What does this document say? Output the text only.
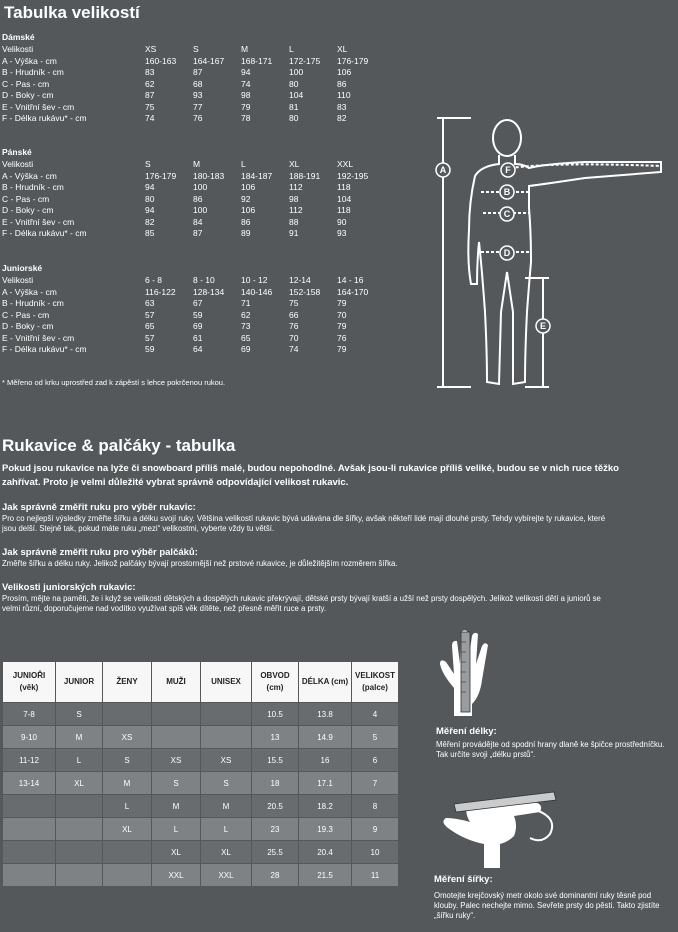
Tabulka velikostí
Dámské
Velikosti	XS	S	M	L	XL
A - Výška - cm	160-163	164-167	168-171	172-175	176-179
B - Hrudník - cm	83	87	94	100	106
C - Pas - cm	62	68	74	80	86
D - Boky - cm	87	93	98	104	110
E - Vnitřní šev - cm	75	77	79	81	83
F - Délka rukávu* - cm	74	76	78	80	82
Pánské
Velikosti	S	M	L	XL	XXL
A - Výška - cm	176-179	180-183	184-187	188-191	192-195
B - Hrudník - cm	94	100	106	112	118
C - Pas - cm	80	86	92	98	104
D - Boky - cm	94	100	106	112	118
E - Vnitřní šev - cm	82	84	86	88	90
F - Délka rukávu* - cm	85	87	89	91	93
Juniorské
Velikosti	6 - 8	8 - 10	10 - 12	12-14	14 - 16
A - Výška - cm	116-122	128-134	140-146	152-158	164-170
B - Hrudník - cm	63	67	71	75	79
C - Pas - cm	57	59	62	66	70
D - Boky - cm	65	69	73	76	79
E - Vnitřní šev - cm	57	61	65	70	76
F - Délka rukávu* - cm	59	64	69	74	79
* Měřeno od krku uprostřed zad k zápěstí s lehce pokrčenou rukou.
A	F
B
C
D
E
Rukavice & palčáky - tabulka
Pokud jsou rukavice na lyže či snowboard příliš malé, budou nepohodlné. Avšak jsou-li rukavice příliš veliké, budou se v nich ruce těžko zahřívat. Proto je velmi důležité vybrat správně odpovídající velikost rukavic.
Jak správně změřit ruku pro výběr rukavic:
Pro co nejlepší výsledky změřte šířku a délku svojí ruky. Většina velikostí rukavic bývá udávána dle šířky, avšak někteří lidé mají dlouhé prsty. Tehdy vybírejte ty rukavice, které jsou delší. Stejně tak, pokud máte ruku „mezi“ velikostmi, vyberte vždy tu větší.
Jak správně změřit ruku pro výběr palčáků:
Změřte šířku a délku ruky. Jelikož palčáky bývají prostornější než prstové rukavice, je důležitějším rozměrem šířka.
Velikosti juniorských rukavic:
Prosím, mějte na paměti, že i když se velikosti dětských a dospělých rukavic překrývají, dětské prsty bývají kratší a užší než prsty dospělých. Jelikož velikosti dětí a juniorů se velmi různí, doporučujeme nad vodítko využívat spíš věk dítěte, než přesně měřit ruce a prsty.
JUNIOŘI (věk)	JUNIOR	ŽENY	MUŽI	UNISEX	OBVOD (cm)	DÉLKA (cm)	VELIKOST (palce)
7-8	S				10.5	13.8	4
9-10	M	XS			13	14.9	5
11-12	L	S	XS	XS	15.5	16	6
13-14	XL	M	S	S	18	17.1	7
		L	M	M	20.5	18.2	8
		XL	L	L	23	19.3	9
			XL	XL	25.5	20.4	10
			XXL	XXL	28	21.5	11
Měření délky:
Měření provádějte od spodní hrany dlaně ke špičce prostředníčku. Tak určíte svoji „délku prstů“.
Měření šířky:
Omotejte krejčovský metr okolo své dominantní ruky těsně pod klouby. Palec nechejte mimo. Sevřete prsty do pěsti. Takto zjistíte „šířku ruky“.
